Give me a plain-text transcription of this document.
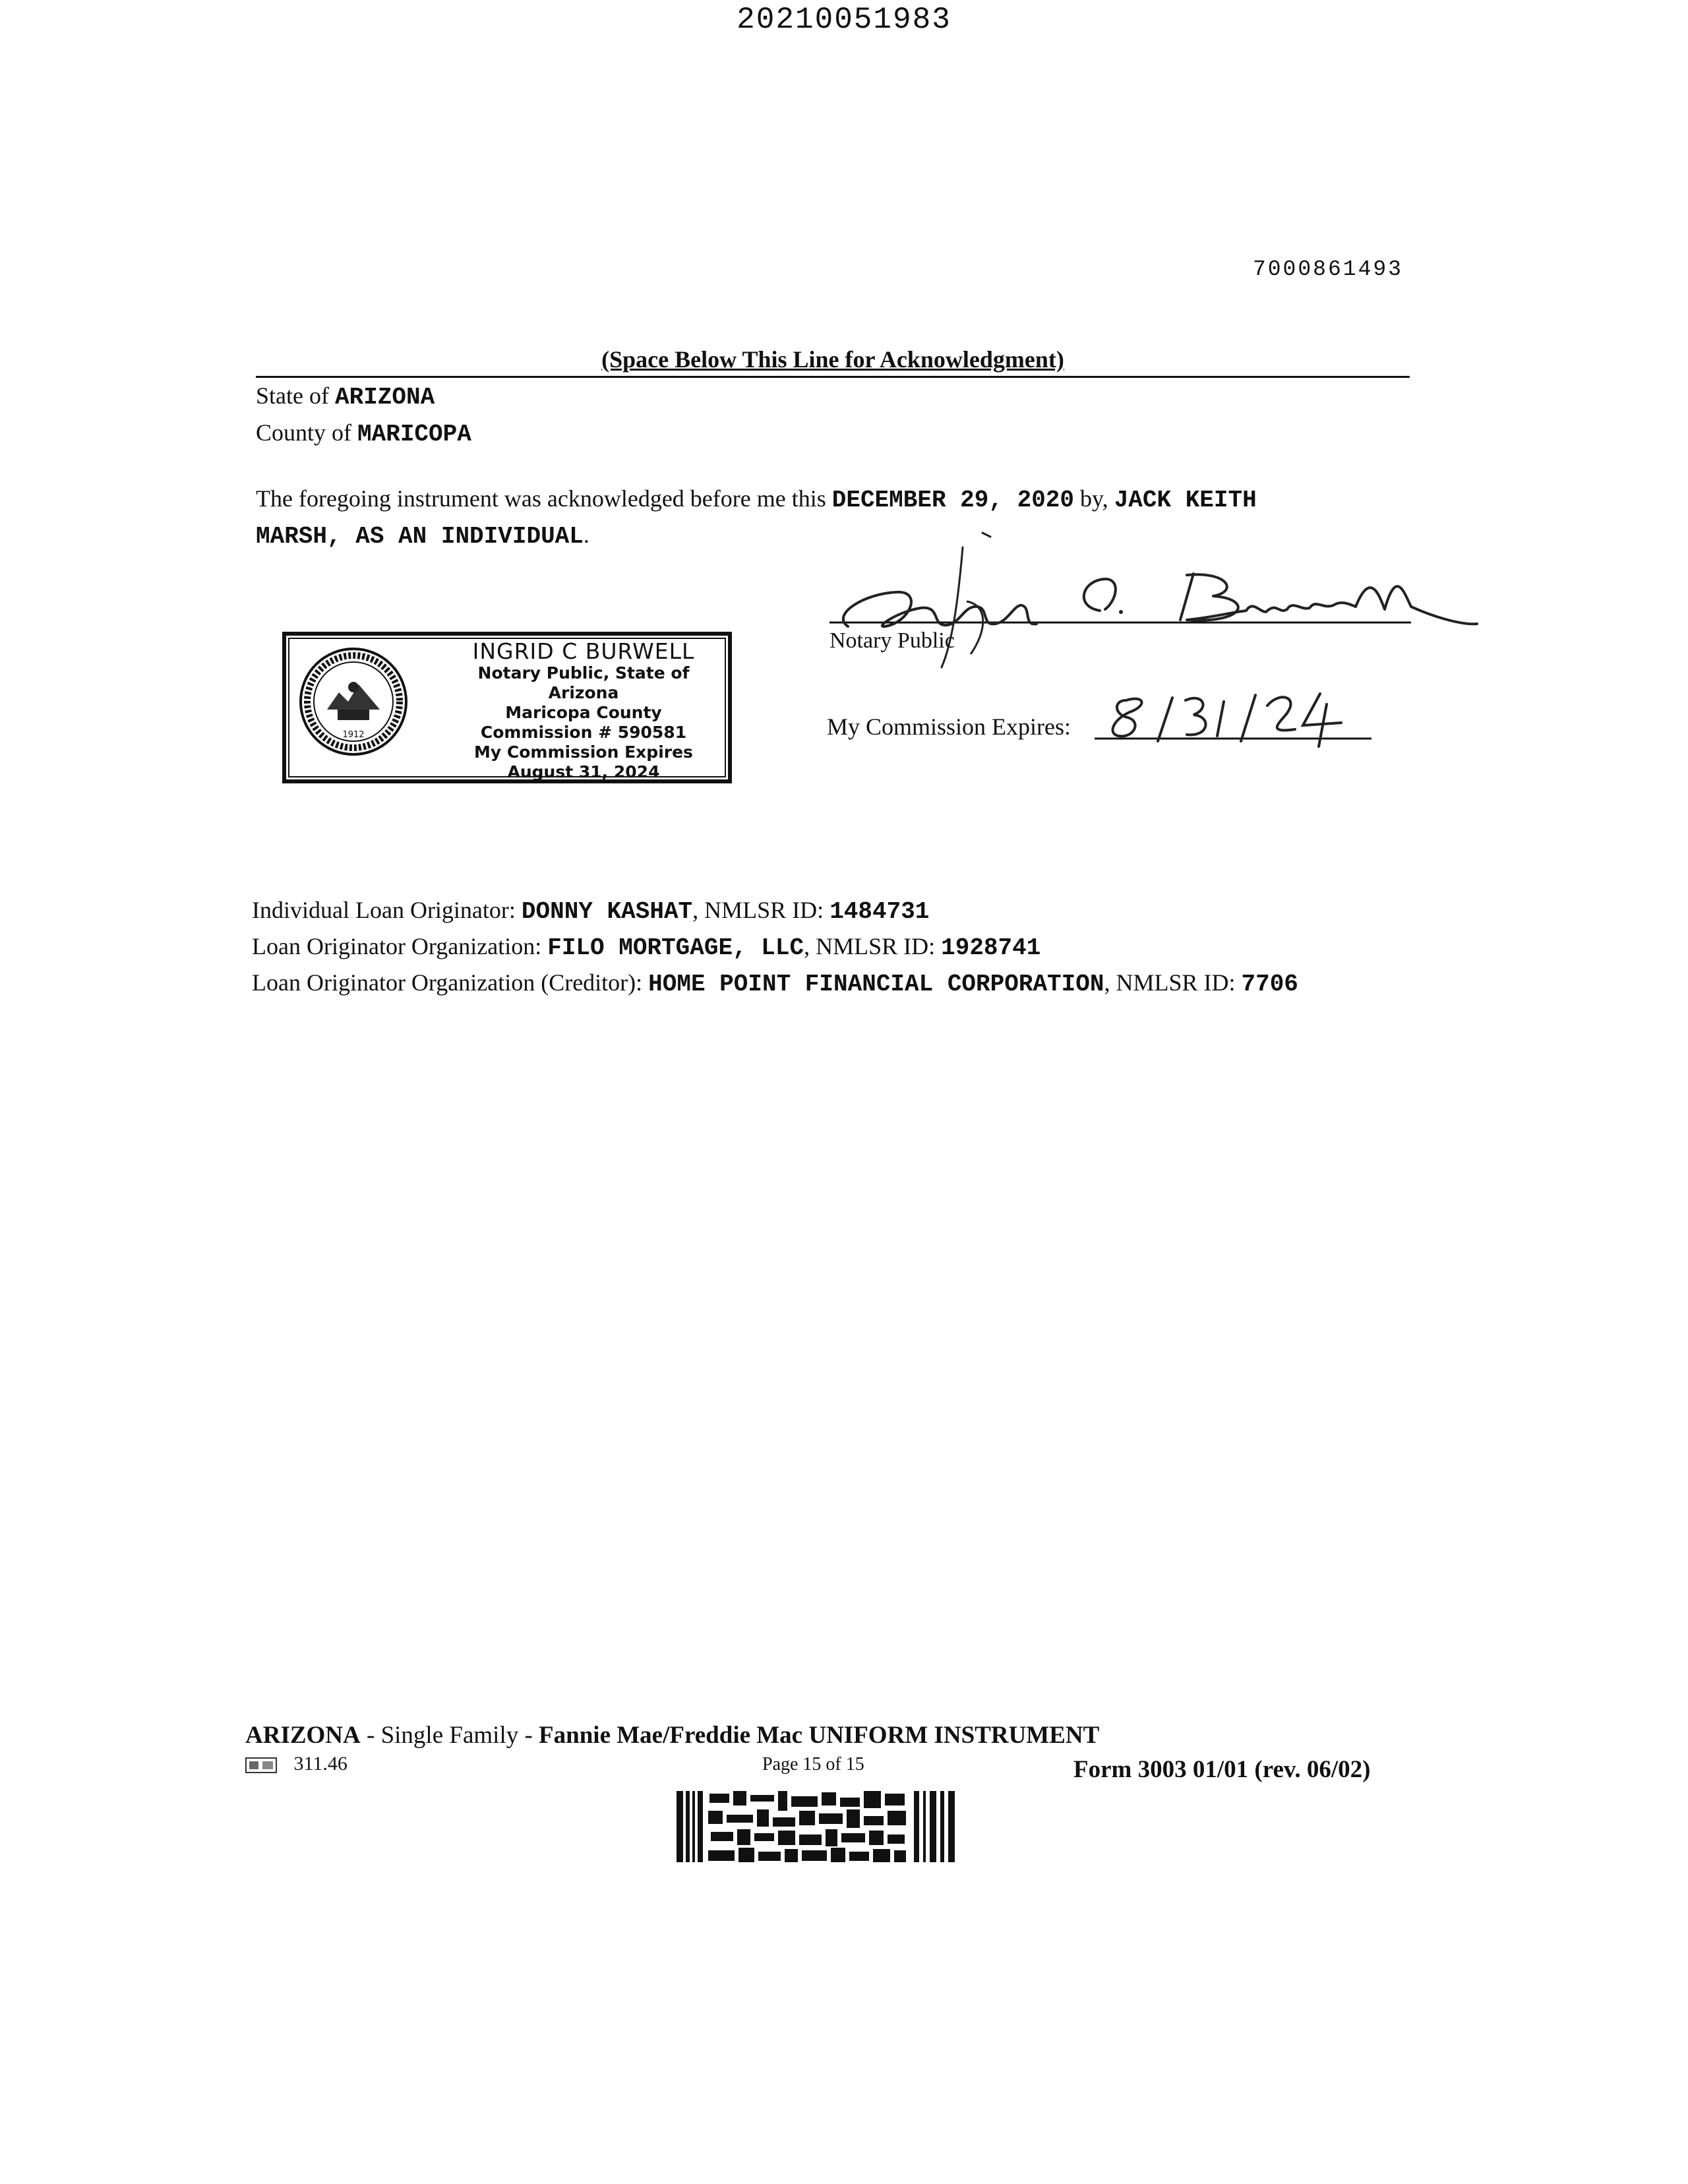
20210051983
7000861493
(Space Below This Line for Acknowledgment)
State of ARIZONA
County of MARICOPA
The foregoing instrument was acknowledged before me this DECEMBER 29, 2020 by, JACK KEITH
MARSH, AS AN INDIVIDUAL.
1912
INGRID C BURWELL
Notary Public, State of Arizona
Maricopa County
Commission # 590581
My Commission Expires
August 31, 2024
Notary Public
My Commission Expires:
Individual Loan Originator: DONNY KASHAT, NMLSR ID: 1484731
Loan Originator Organization: FILO MORTGAGE, LLC, NMLSR ID: 1928741
Loan Originator Organization (Creditor): HOME POINT FINANCIAL CORPORATION, NMLSR ID: 7706
ARIZONA - Single Family - Fannie Mae/Freddie Mac UNIFORM INSTRUMENT
311.46	Page 15 of 15	Form 3003 01/01 (rev. 06/02)
